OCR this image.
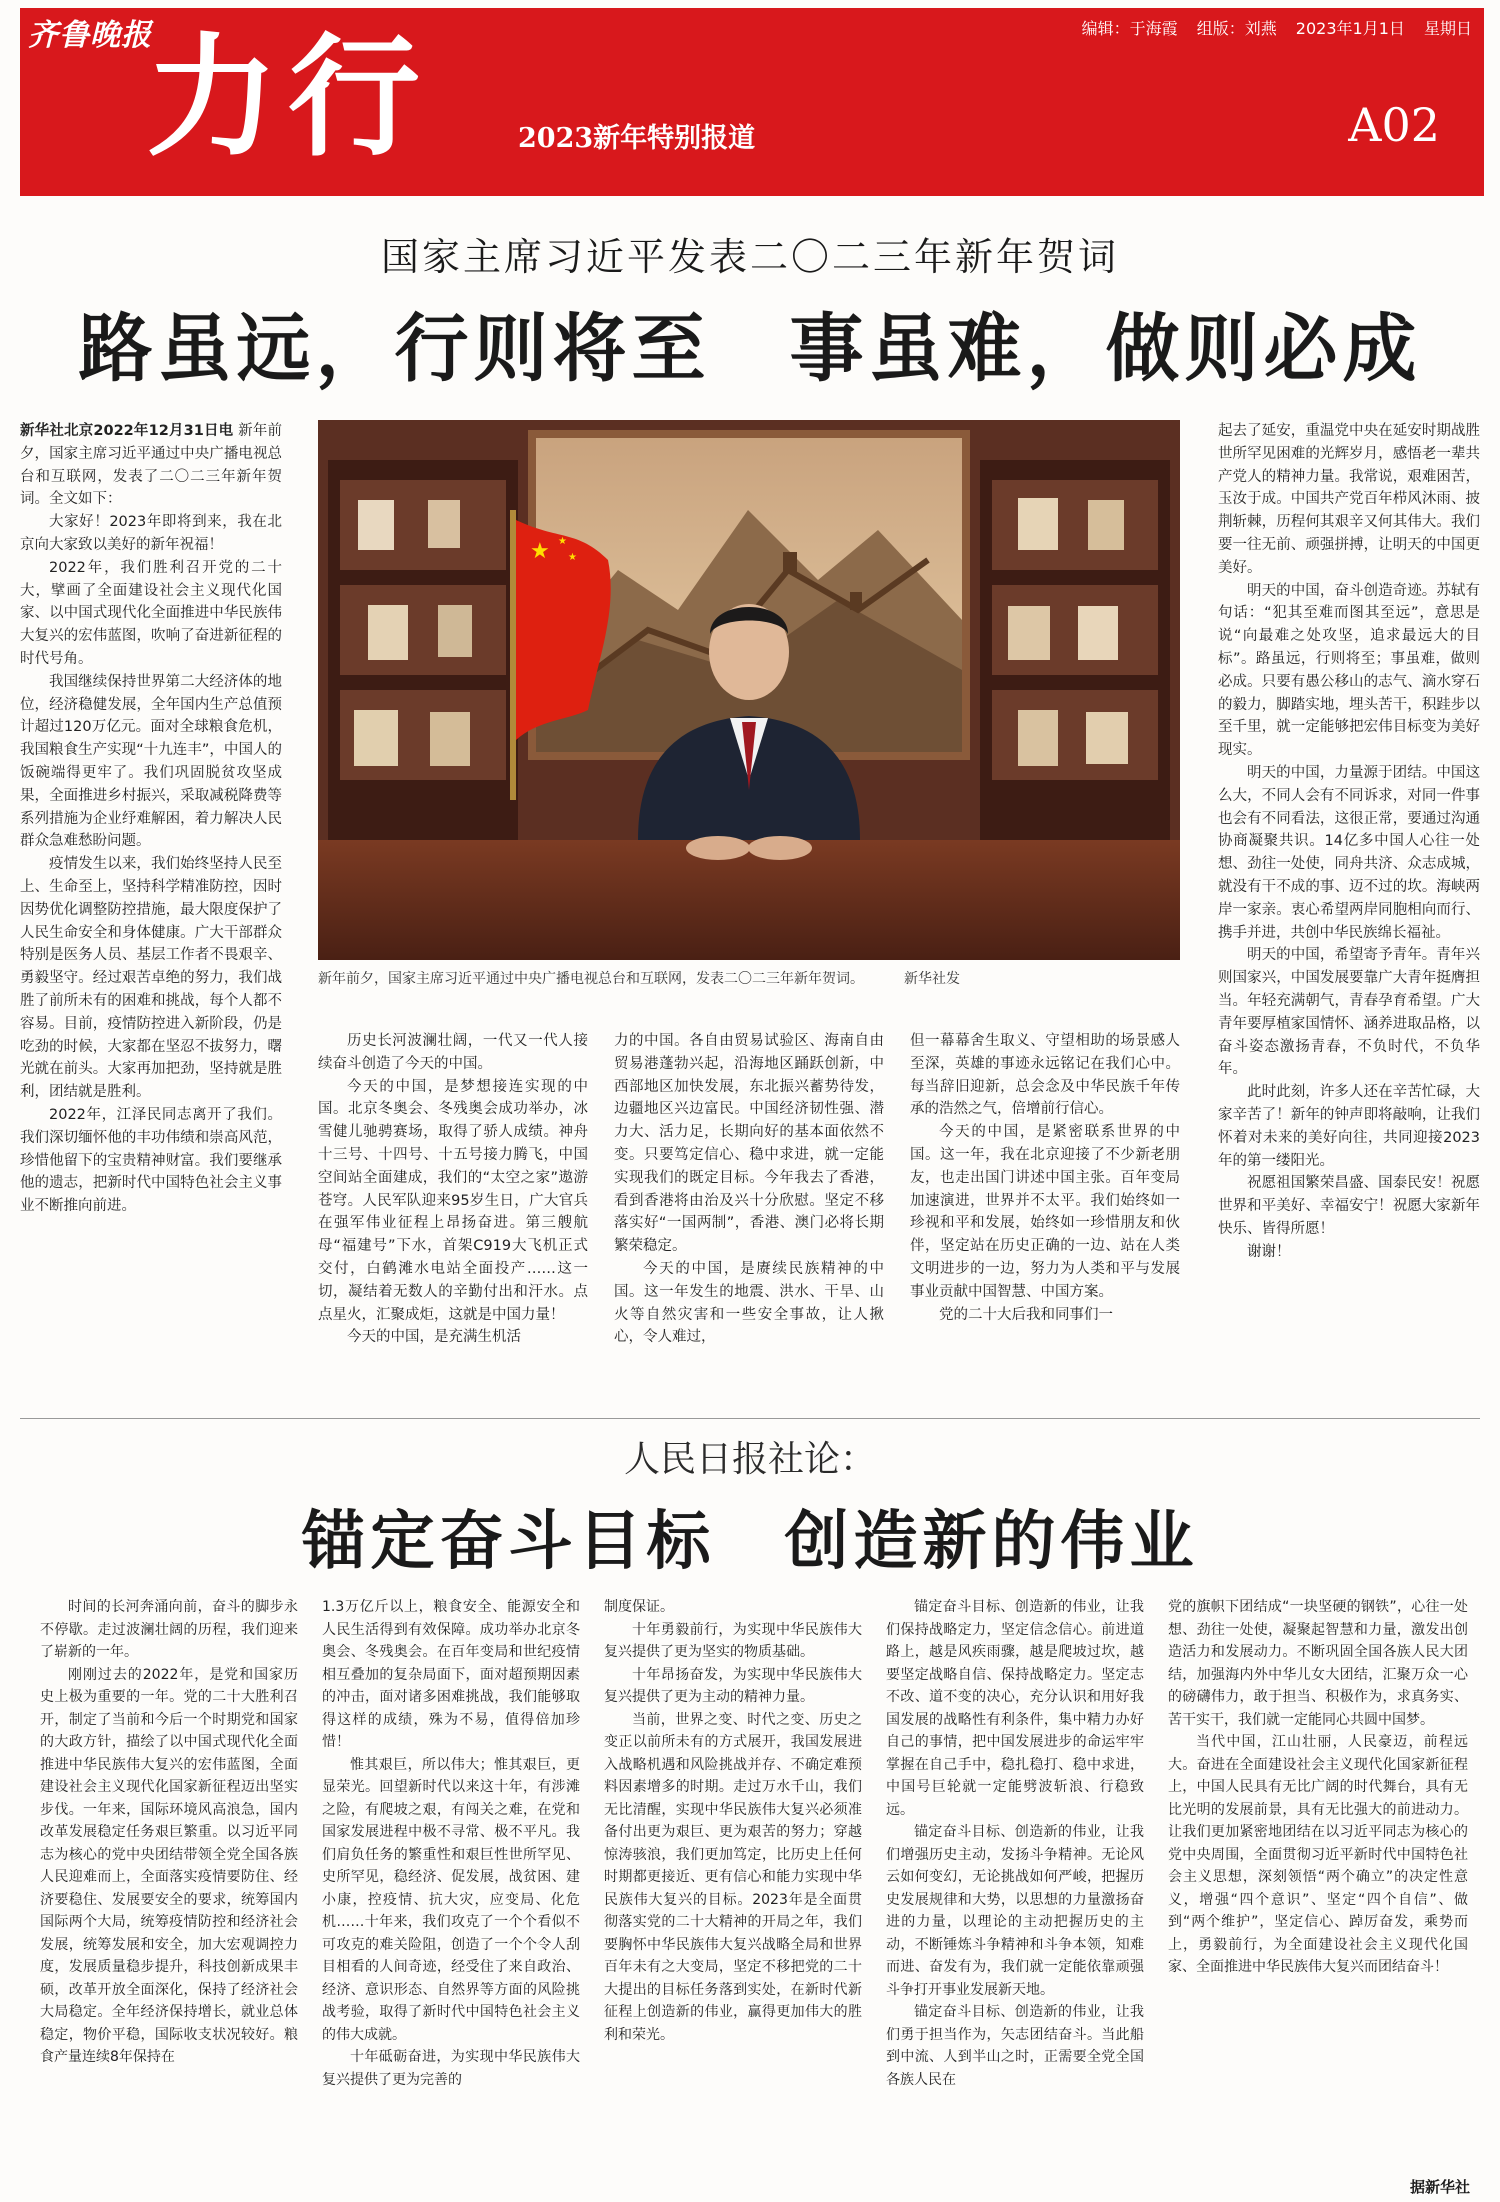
齐鲁晚报
力行	2023新年特别报道
编辑：于海霞 组版：刘燕 2023年1月1日 星期日
A02
国家主席习近平发表二〇二三年新年贺词
路虽远，行则将至　事虽难，做则必成

新华社北京2022年12月31日电 新年前夕，国家主席习近平通过中央广播电视总台和互联网，发表了二〇二三年新年贺词。全文如下：

大家好！2023年即将到来，我在北京向大家致以美好的新年祝福！

2022年，我们胜利召开党的二十大，擘画了全面建设社会主义现代化国家、以中国式现代化全面推进中华民族伟大复兴的宏伟蓝图，吹响了奋进新征程的时代号角。

我国继续保持世界第二大经济体的地位，经济稳健发展，全年国内生产总值预计超过120万亿元。面对全球粮食危机，我国粮食生产实现“十九连丰”，中国人的饭碗端得更牢了。我们巩固脱贫攻坚成果，全面推进乡村振兴，采取减税降费等系列措施为企业纾难解困，着力解决人民群众急难愁盼问题。

疫情发生以来，我们始终坚持人民至上、生命至上，坚持科学精准防控，因时因势优化调整防控措施，最大限度保护了人民生命安全和身体健康。广大干部群众特别是医务人员、基层工作者不畏艰辛、勇毅坚守。经过艰苦卓绝的努力，我们战胜了前所未有的困难和挑战，每个人都不容易。目前，疫情防控进入新阶段，仍是吃劲的时候，大家都在坚忍不拔努力，曙光就在前头。大家再加把劲，坚持就是胜利，团结就是胜利。

2022年，江泽民同志离开了我们。我们深切缅怀他的丰功伟绩和崇高风范，珍惜他留下的宝贵精神财富。我们要继承他的遗志，把新时代中国特色社会主义事业不断推向前进。

★ ★
★
新年前夕，国家主席习近平通过中央广播电视总台和互联网，发表二〇二三年新年贺词。	新华社发

历史长河波澜壮阔，一代又一代人接续奋斗创造了今天的中国。

今天的中国，是梦想接连实现的中国。北京冬奥会、冬残奥会成功举办，冰雪健儿驰骋赛场，取得了骄人成绩。神舟十三号、十四号、十五号接力腾飞，中国空间站全面建成，我们的“太空之家”遨游苍穹。人民军队迎来95岁生日，广大官兵在强军伟业征程上昂扬奋进。第三艘航母“福建号”下水，首架C919大飞机正式交付，白鹤滩水电站全面投产……这一切，凝结着无数人的辛勤付出和汗水。点点星火，汇聚成炬，这就是中国力量！

今天的中国，是充满生机活

力的中国。各自由贸易试验区、海南自由贸易港蓬勃兴起，沿海地区踊跃创新，中西部地区加快发展，东北振兴蓄势待发，边疆地区兴边富民。中国经济韧性强、潜力大、活力足，长期向好的基本面依然不变。只要笃定信心、稳中求进，就一定能实现我们的既定目标。今年我去了香港，看到香港将由治及兴十分欣慰。坚定不移落实好“一国两制”，香港、澳门必将长期繁荣稳定。

今天的中国，是赓续民族精神的中国。这一年发生的地震、洪水、干旱、山火等自然灾害和一些安全事故，让人揪心，令人难过，

但一幕幕舍生取义、守望相助的场景感人至深，英雄的事迹永远铭记在我们心中。每当辞旧迎新，总会念及中华民族千年传承的浩然之气，倍增前行信心。

今天的中国，是紧密联系世界的中国。这一年，我在北京迎接了不少新老朋友，也走出国门讲述中国主张。百年变局加速演进，世界并不太平。我们始终如一珍视和平和发展，始终如一珍惜朋友和伙伴，坚定站在历史正确的一边、站在人类文明进步的一边，努力为人类和平与发展事业贡献中国智慧、中国方案。

党的二十大后我和同事们一

起去了延安，重温党中央在延安时期战胜世所罕见困难的光辉岁月，感悟老一辈共产党人的精神力量。我常说，艰难困苦，玉汝于成。中国共产党百年栉风沐雨、披荆斩棘，历程何其艰辛又何其伟大。我们要一往无前、顽强拼搏，让明天的中国更美好。

明天的中国，奋斗创造奇迹。苏轼有句话：“犯其至难而图其至远”，意思是说“向最难之处攻坚，追求最远大的目标”。路虽远，行则将至；事虽难，做则必成。只要有愚公移山的志气、滴水穿石的毅力，脚踏实地，埋头苦干，积跬步以至千里，就一定能够把宏伟目标变为美好现实。

明天的中国，力量源于团结。中国这么大，不同人会有不同诉求，对同一件事也会有不同看法，这很正常，要通过沟通协商凝聚共识。14亿多中国人心往一处想、劲往一处使，同舟共济、众志成城，就没有干不成的事、迈不过的坎。海峡两岸一家亲。衷心希望两岸同胞相向而行、携手并进，共创中华民族绵长福祉。

明天的中国，希望寄予青年。青年兴则国家兴，中国发展要靠广大青年挺膺担当。年轻充满朝气，青春孕育希望。广大青年要厚植家国情怀、涵养进取品格，以奋斗姿态激扬青春，不负时代，不负华年。

此时此刻，许多人还在辛苦忙碌，大家辛苦了！新年的钟声即将敲响，让我们怀着对未来的美好向往，共同迎接2023年的第一缕阳光。

祝愿祖国繁荣昌盛、国泰民安！祝愿世界和平美好、幸福安宁！祝愿大家新年快乐、皆得所愿！

谢谢！

人民日报社论：
锚定奋斗目标　创造新的伟业

时间的长河奔涌向前，奋斗的脚步永不停歇。走过波澜壮阔的历程，我们迎来了崭新的一年。

刚刚过去的2022年，是党和国家历史上极为重要的一年。党的二十大胜利召开，制定了当前和今后一个时期党和国家的大政方针，描绘了以中国式现代化全面推进中华民族伟大复兴的宏伟蓝图，全面建设社会主义现代化国家新征程迈出坚实步伐。一年来，国际环境风高浪急，国内改革发展稳定任务艰巨繁重。以习近平同志为核心的党中央团结带领全党全国各族人民迎难而上，全面落实疫情要防住、经济要稳住、发展要安全的要求，统筹国内国际两个大局，统筹疫情防控和经济社会发展，统筹发展和安全，加大宏观调控力度，发展质量稳步提升，科技创新成果丰硕，改革开放全面深化，保持了经济社会大局稳定。全年经济保持增长，就业总体稳定，物价平稳，国际收支状况较好。粮食产量连续8年保持在

1.3万亿斤以上，粮食安全、能源安全和人民生活得到有效保障。成功举办北京冬奥会、冬残奥会。在百年变局和世纪疫情相互叠加的复杂局面下，面对超预期因素的冲击，面对诸多困难挑战，我们能够取得这样的成绩，殊为不易，值得倍加珍惜！

惟其艰巨，所以伟大；惟其艰巨，更显荣光。回望新时代以来这十年，有涉滩之险，有爬坡之艰，有闯关之难，在党和国家发展进程中极不寻常、极不平凡。我们肩负任务的繁重性和艰巨性世所罕见、史所罕见，稳经济、促发展，战贫困、建小康，控疫情、抗大灾，应变局、化危机……十年来，我们攻克了一个个看似不可攻克的难关险阻，创造了一个个令人刮目相看的人间奇迹，经受住了来自政治、经济、意识形态、自然界等方面的风险挑战考验，取得了新时代中国特色社会主义的伟大成就。

十年砥砺奋进，为实现中华民族伟大复兴提供了更为完善的

制度保证。

十年勇毅前行，为实现中华民族伟大复兴提供了更为坚实的物质基础。

十年昂扬奋发，为实现中华民族伟大复兴提供了更为主动的精神力量。

当前，世界之变、时代之变、历史之变正以前所未有的方式展开，我国发展进入战略机遇和风险挑战并存、不确定难预料因素增多的时期。走过万水千山，我们无比清醒，实现中华民族伟大复兴必须准备付出更为艰巨、更为艰苦的努力；穿越惊涛骇浪，我们更加笃定，比历史上任何时期都更接近、更有信心和能力实现中华民族伟大复兴的目标。2023年是全面贯彻落实党的二十大精神的开局之年，我们要胸怀中华民族伟大复兴战略全局和世界百年未有之大变局，坚定不移把党的二十大提出的目标任务落到实处，在新时代新征程上创造新的伟业，赢得更加伟大的胜利和荣光。

锚定奋斗目标、创造新的伟业，让我们保持战略定力，坚定信念信心。前进道路上，越是风疾雨骤，越是爬坡过坎，越要坚定战略自信、保持战略定力。坚定志不改、道不变的决心，充分认识和用好我国发展的战略性有利条件，集中精力办好自己的事情，把中国发展进步的命运牢牢掌握在自己手中，稳扎稳打、稳中求进，中国号巨轮就一定能劈波斩浪、行稳致远。

锚定奋斗目标、创造新的伟业，让我们增强历史主动，发扬斗争精神。无论风云如何变幻，无论挑战如何严峻，把握历史发展规律和大势，以思想的力量激扬奋进的力量，以理论的主动把握历史的主动，不断锤炼斗争精神和斗争本领，知难而进、奋发有为，我们就一定能依靠顽强斗争打开事业发展新天地。

锚定奋斗目标、创造新的伟业，让我们勇于担当作为，矢志团结奋斗。当此船到中流、人到半山之时，正需要全党全国各族人民在

党的旗帜下团结成“一块坚硬的钢铁”，心往一处想、劲往一处使，凝聚起智慧和力量，激发出创造活力和发展动力。不断巩固全国各族人民大团结，加强海内外中华儿女大团结，汇聚万众一心的磅礴伟力，敢于担当、积极作为，求真务实、苦干实干，我们就一定能同心共圆中国梦。

当代中国，江山壮丽，人民豪迈，前程远大。奋进在全面建设社会主义现代化国家新征程上，中国人民具有无比广阔的时代舞台，具有无比光明的发展前景，具有无比强大的前进动力。让我们更加紧密地团结在以习近平同志为核心的党中央周围，全面贯彻习近平新时代中国特色社会主义思想，深刻领悟“两个确立”的决定性意义，增强“四个意识”、坚定“四个自信”、做到“两个维护”，坚定信心、踔厉奋发，乘势而上，勇毅前行，为全面建设社会主义现代化国家、全面推进中华民族伟大复兴而团结奋斗！

据新华社
